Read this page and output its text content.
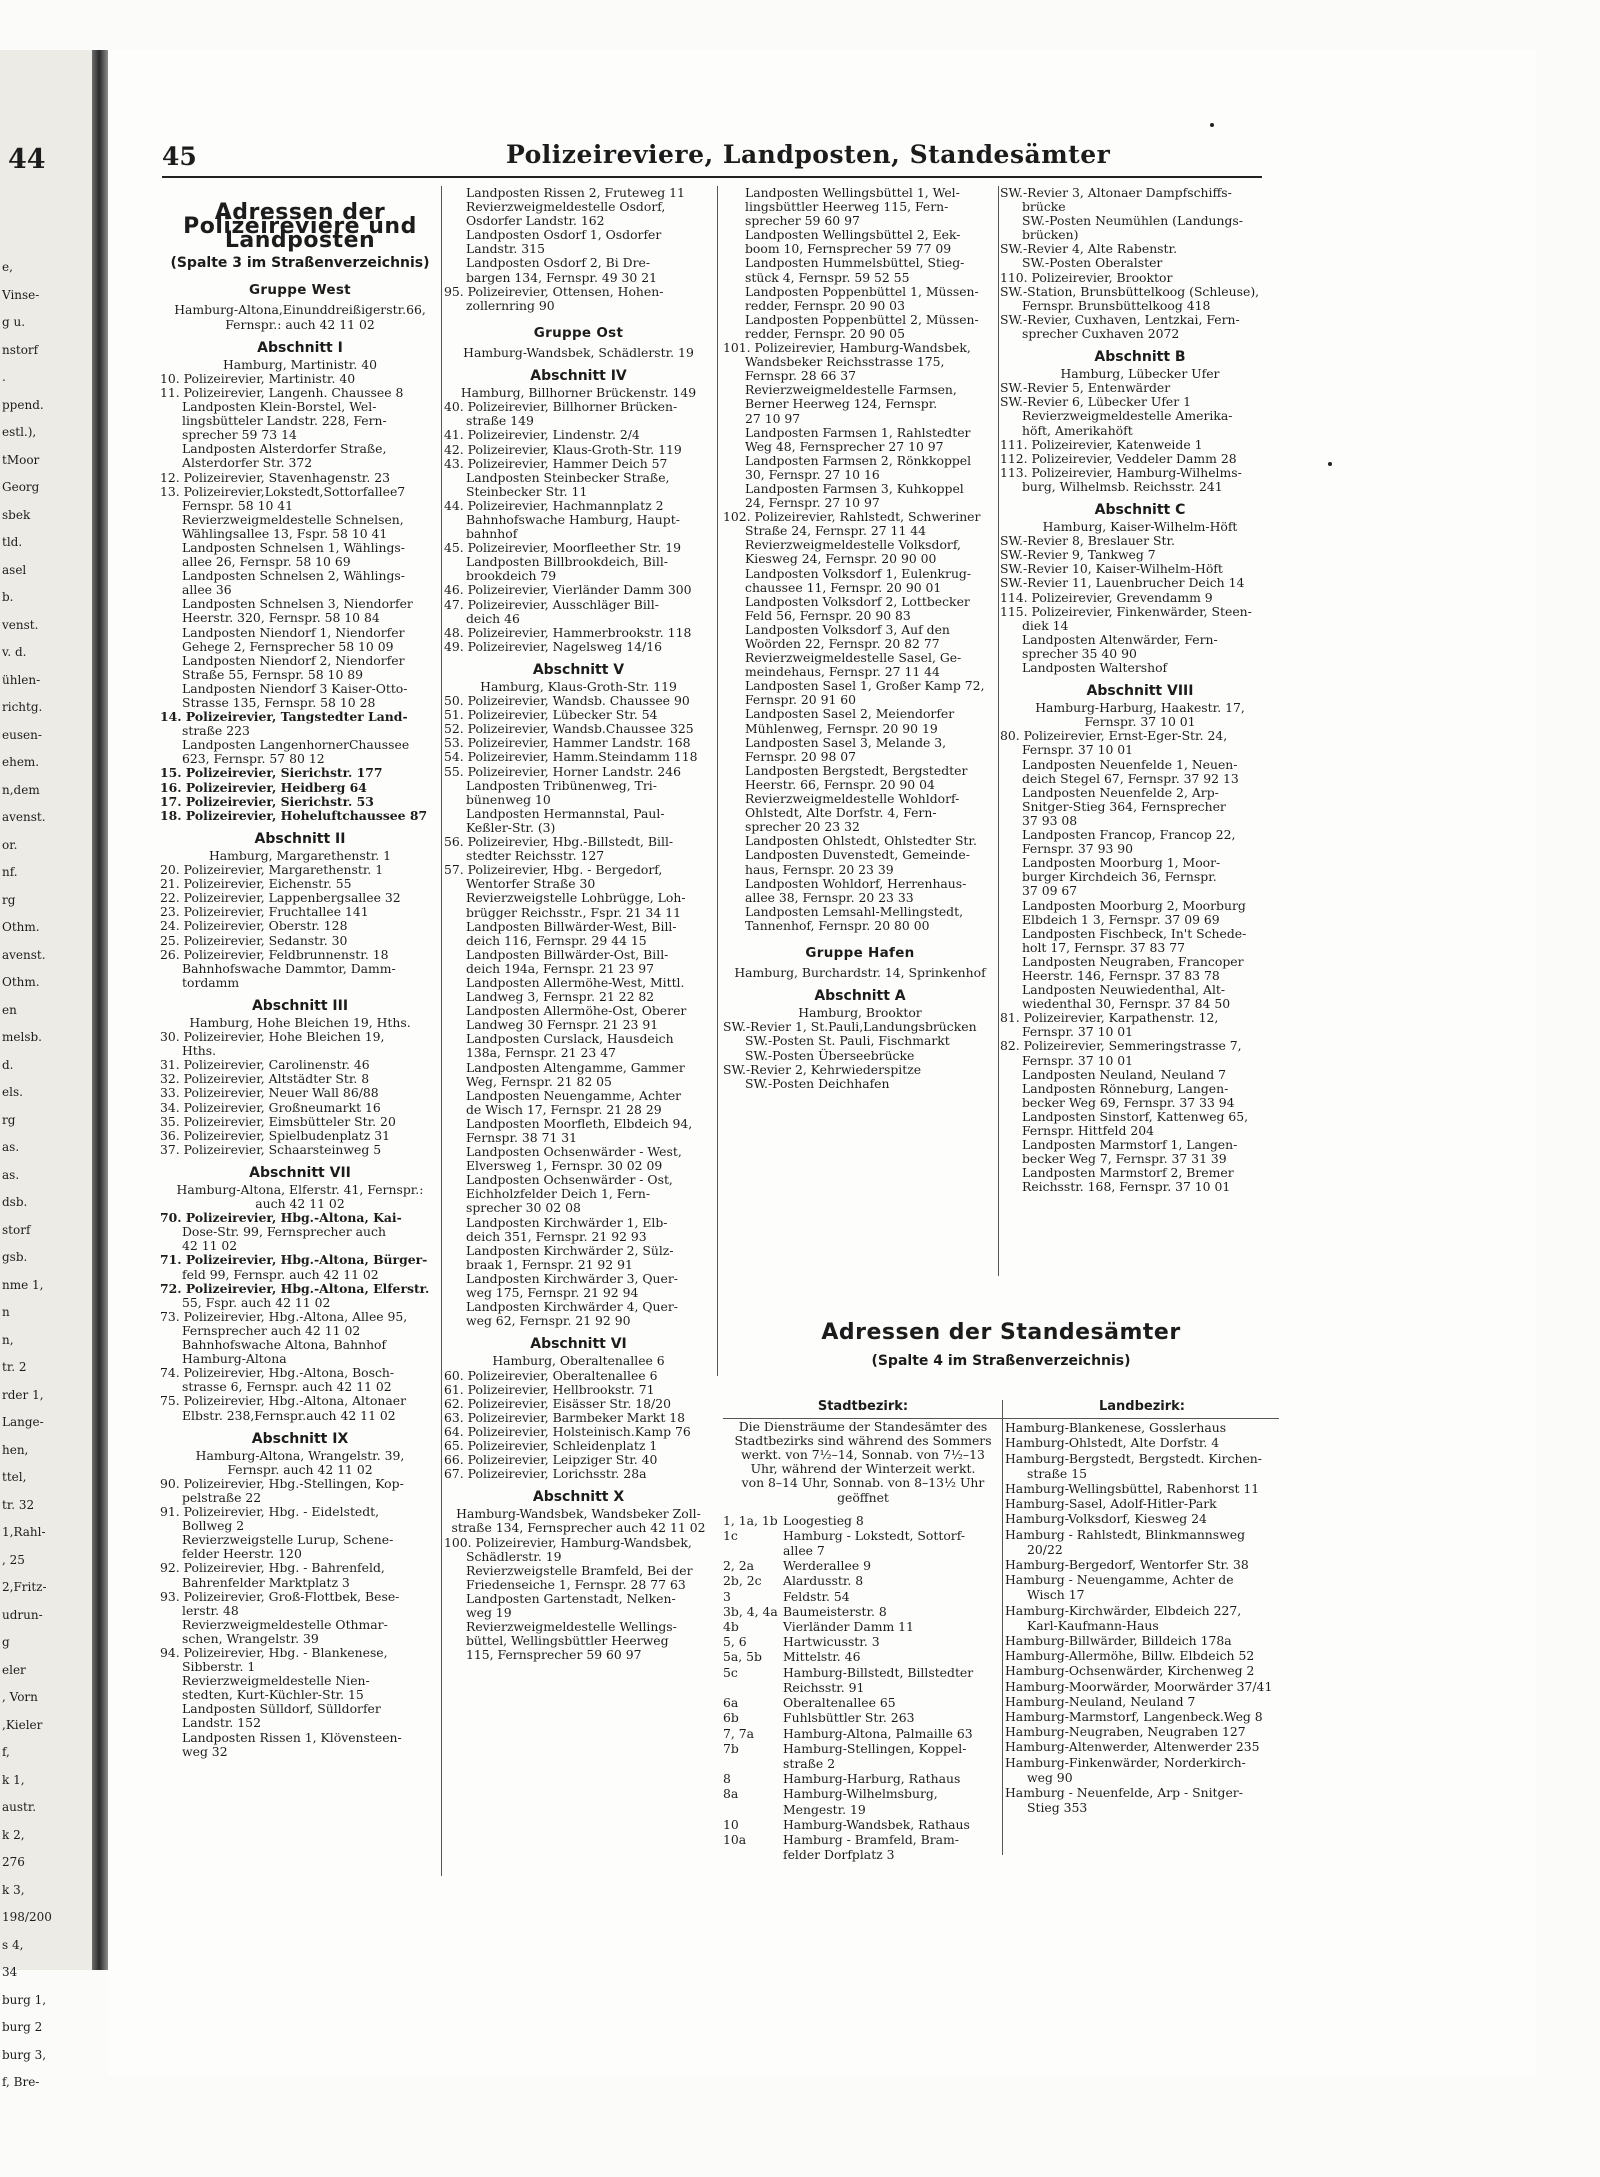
44
e,
Vinse-
g u.
nstorf
.
ppend.
estl.),
tMoor
Georg
sbek
tld.
asel
b.
venst.
v. d.
ühlen-
richtg.
eusen-
ehem.
n,dem
avenst.
or.
nf.
rg
Othm.
avenst.
Othm.
en
melsb.
d.
els.
rg
as.
as.
dsb.
storf
gsb.
nme 1,
n
n,
tr. 2
rder 1,
Lange-
hen,
ttel,
tr. 32
1,Rahl-
, 25
2,Fritz-
udrun-
g
eler
, Vorn
,Kieler
f,
k 1,
austr.
k 2,
276
k 3,
198/200
s 4,
34
burg 1,
burg 2
burg 3,
f, Bre-
45	Polizeireviere, Landposten, Standesämter
Adressen der Polizeireviere und Landposten
(Spalte 3 im Straßenverzeichnis)
Gruppe West
Hamburg-Altona,Einunddreißigerstr.66,
Fernspr.: auch 42 11 02
Abschnitt I
Hamburg, Martinistr. 40
10. Polizeirevier, Martinistr. 40
11. Polizeirevier, Langenh. Chaussee 8
Landposten Klein-Borstel, Wel-
lingsbütteler Landstr. 228, Fern-
sprecher 59 73 14
Landposten Alsterdorfer Straße,
Alsterdorfer Str. 372
12. Polizeirevier, Stavenhagenstr. 23
13. Polizeirevier,Lokstedt,Sottorfallee7
Fernspr. 58 10 41
Revierzweigmeldestelle Schnelsen,
Wählingsallee 13, Fspr. 58 10 41
Landposten Schnelsen 1, Wählings-
allee 26, Fernspr. 58 10 69
Landposten Schnelsen 2, Wählings-
allee 36
Landposten Schnelsen 3, Niendorfer
Heerstr. 320, Fernspr. 58 10 84
Landposten Niendorf 1, Niendorfer
Gehege 2, Fernsprecher 58 10 09
Landposten Niendorf 2, Niendorfer
Straße 55, Fernspr. 58 10 89
Landposten Niendorf 3 Kaiser-Otto-
Strasse 135, Fernspr. 58 10 28
14. Polizeirevier, Tangstedter Land-
straße 223
Landposten LangenhornerChaussee
623, Fernspr. 57 80 12
15. Polizeirevier, Sierichstr. 177
16. Polizeirevier, Heidberg 64
17. Polizeirevier, Sierichstr. 53
18. Polizeirevier, Hoheluftchaussee 87
Abschnitt II
Hamburg, Margarethenstr. 1
20. Polizeirevier, Margarethenstr. 1
21. Polizeirevier, Eichenstr. 55
22. Polizeirevier, Lappenbergsallee 32
23. Polizeirevier, Fruchtallee 141
24. Polizeirevier, Oberstr. 128
25. Polizeirevier, Sedanstr. 30
26. Polizeirevier, Feldbrunnenstr. 18
Bahnhofswache Dammtor, Damm-
tordamm
Abschnitt III
Hamburg, Hohe Bleichen 19, Hths.
30. Polizeirevier, Hohe Bleichen 19,
Hths.
31. Polizeirevier, Carolinenstr. 46
32. Polizeirevier, Altstädter Str. 8
33. Polizeirevier, Neuer Wall 86/88
34. Polizeirevier, Großneumarkt 16
35. Polizeirevier, Eimsbütteler Str. 20
36. Polizeirevier, Spielbudenplatz 31
37. Polizeirevier, Schaarsteinweg 5
Abschnitt VII
Hamburg-Altona, Elferstr. 41, Fernspr.:
auch 42 11 02
70. Polizeirevier, Hbg.-Altona, Kai-
Dose-Str. 99, Fernsprecher auch
42 11 02
71. Polizeirevier, Hbg.-Altona, Bürger-
feld 99, Fernspr. auch 42 11 02
72. Polizeirevier, Hbg.-Altona, Elferstr.
55, Fspr. auch 42 11 02
73. Polizeirevier, Hbg.-Altona, Allee 95,
Fernsprecher auch 42 11 02
Bahnhofswache Altona, Bahnhof
Hamburg-Altona
74. Polizeirevier, Hbg.-Altona, Bosch-
strasse 6, Fernspr. auch 42 11 02
75. Polizeirevier, Hbg.-Altona, Altonaer
Elbstr. 238,Fernspr.auch 42 11 02
Abschnitt IX
Hamburg-Altona, Wrangelstr. 39,
Fernspr. auch 42 11 02
90. Polizeirevier, Hbg.-Stellingen, Kop-
pelstraße 22
91. Polizeirevier, Hbg. - Eidelstedt,
Bollweg 2
Revierzweigstelle Lurup, Schene-
felder Heerstr. 120
92. Polizeirevier, Hbg. - Bahrenfeld,
Bahrenfelder Marktplatz 3
93. Polizeirevier, Groß-Flottbek, Bese-
lerstr. 48
Revierzweigmeldestelle Othmar-
schen, Wrangelstr. 39
94. Polizeirevier, Hbg. - Blankenese,
Sibberstr. 1
Revierzweigmeldestelle Nien-
stedten, Kurt-Küchler-Str. 15
Landposten Sülldorf, Sülldorfer
Landstr. 152
Landposten Rissen 1, Klövensteen-
weg 32
Landposten Rissen 2, Fruteweg 11
Revierzweigmeldestelle Osdorf,
Osdorfer Landstr. 162
Landposten Osdorf 1, Osdorfer
Landstr. 315
Landposten Osdorf 2, Bi Dre-
bargen 134, Fernspr. 49 30 21
95. Polizeirevier, Ottensen, Hohen-
zollernring 90
Gruppe Ost
Hamburg-Wandsbek, Schädlerstr. 19
Abschnitt IV
Hamburg, Billhorner Brückenstr. 149
40. Polizeirevier, Billhorner Brücken-
straße 149
41. Polizeirevier, Lindenstr. 2/4
42. Polizeirevier, Klaus-Groth-Str. 119
43. Polizeirevier, Hammer Deich 57
Landposten Steinbecker Straße,
Steinbecker Str. 11
44. Polizeirevier, Hachmannplatz 2
Bahnhofswache Hamburg, Haupt-
bahnhof
45. Polizeirevier, Moorfleether Str. 19
Landposten Billbrookdeich, Bill-
brookdeich 79
46. Polizeirevier, Vierländer Damm 300
47. Polizeirevier, Ausschläger Bill-
deich 46
48. Polizeirevier, Hammerbrookstr. 118
49. Polizeirevier, Nagelsweg 14/16
Abschnitt V
Hamburg, Klaus-Groth-Str. 119
50. Polizeirevier, Wandsb. Chaussee 90
51. Polizeirevier, Lübecker Str. 54
52. Polizeirevier, Wandsb.Chaussee 325
53. Polizeirevier, Hammer Landstr. 168
54. Polizeirevier, Hamm.Steindamm 118
55. Polizeirevier, Horner Landstr. 246
Landposten Tribünenweg, Tri-
bünenweg 10
Landposten Hermannstal, Paul-
Keßler-Str. (3)
56. Polizeirevier, Hbg.-Billstedt, Bill-
stedter Reichsstr. 127
57. Polizeirevier, Hbg. - Bergedorf,
Wentorfer Straße 30
Revierzweigstelle Lohbrügge, Loh-
brügger Reichsstr., Fspr. 21 34 11
Landposten Billwärder-West, Bill-
deich 116, Fernspr. 29 44 15
Landposten Billwärder-Ost, Bill-
deich 194a, Fernspr. 21 23 97
Landposten Allermöhe-West, Mittl.
Landweg 3, Fernspr. 21 22 82
Landposten Allermöhe-Ost, Oberer
Landweg 30 Fernspr. 21 23 91
Landposten Curslack, Hausdeich
138a, Fernspr. 21 23 47
Landposten Altengamme, Gammer
Weg, Fernspr. 21 82 05
Landposten Neuengamme, Achter
de Wisch 17, Fernspr. 21 28 29
Landposten Moorfleth, Elbdeich 94,
Fernspr. 38 71 31
Landposten Ochsenwärder - West,
Elversweg 1, Fernspr. 30 02 09
Landposten Ochsenwärder - Ost,
Eichholzfelder Deich 1, Fern-
sprecher 30 02 08
Landposten Kirchwärder 1, Elb-
deich 351, Fernspr. 21 92 93
Landposten Kirchwärder 2, Sülz-
braak 1, Fernspr. 21 92 91
Landposten Kirchwärder 3, Quer-
weg 175, Fernspr. 21 92 94
Landposten Kirchwärder 4, Quer-
weg 62, Fernspr. 21 92 90
Abschnitt VI
Hamburg, Oberaltenallee 6
60. Polizeirevier, Oberaltenallee 6
61. Polizeirevier, Hellbrookstr. 71
62. Polizeirevier, Eisässer Str. 18/20
63. Polizeirevier, Barmbeker Markt 18
64. Polizeirevier, Holsteinisch.Kamp 76
65. Polizeirevier, Schleidenplatz 1
66. Polizeirevier, Leipziger Str. 40
67. Polizeirevier, Lorichsstr. 28a
Abschnitt X
Hamburg-Wandsbek, Wandsbeker Zoll-
straße 134, Fernsprecher auch 42 11 02
100. Polizeirevier, Hamburg-Wandsbek,
Schädlerstr. 19
Revierzweigstelle Bramfeld, Bei der
Friedenseiche 1, Fernspr. 28 77 63
Landposten Gartenstadt, Nelken-
weg 19
Revierzweigmeldestelle Wellings-
büttel, Wellingsbüttler Heerweg
115, Fernsprecher 59 60 97
Landposten Wellingsbüttel 1, Wel-
lingsbüttler Heerweg 115, Fern-
sprecher 59 60 97
Landposten Wellingsbüttel 2, Eek-
boom 10, Fernsprecher 59 77 09
Landposten Hummelsbüttel, Stieg-
stück 4, Fernspr. 59 52 55
Landposten Poppenbüttel 1, Müssen-
redder, Fernspr. 20 90 03
Landposten Poppenbüttel 2, Müssen-
redder, Fernspr. 20 90 05
101. Polizeirevier, Hamburg-Wandsbek,
Wandsbeker Reichsstrasse 175,
Fernspr. 28 66 37
Revierzweigmeldestelle Farmsen,
Berner Heerweg 124, Fernspr.
27 10 97
Landposten Farmsen 1, Rahlstedter
Weg 48, Fernsprecher 27 10 97
Landposten Farmsen 2, Rönkkoppel
30, Fernspr. 27 10 16
Landposten Farmsen 3, Kuhkoppel
24, Fernspr. 27 10 97
102. Polizeirevier, Rahlstedt, Schweriner
Straße 24, Fernspr. 27 11 44
Revierzweigmeldestelle Volksdorf,
Kiesweg 24, Fernspr. 20 90 00
Landposten Volksdorf 1, Eulenkrug-
chaussee 11, Fernspr. 20 90 01
Landposten Volksdorf 2, Lottbecker
Feld 56, Fernspr. 20 90 83
Landposten Volksdorf 3, Auf den
Woörden 22, Fernspr. 20 82 77
Revierzweigmeldestelle Sasel, Ge-
meindehaus, Fernspr. 27 11 44
Landposten Sasel 1, Großer Kamp 72,
Fernspr. 20 91 60
Landposten Sasel 2, Meiendorfer
Mühlenweg, Fernspr. 20 90 19
Landposten Sasel 3, Melande 3,
Fernspr. 20 98 07
Landposten Bergstedt, Bergstedter
Heerstr. 66, Fernspr. 20 90 04
Revierzweigmeldestelle Wohldorf-
Ohlstedt, Alte Dorfstr. 4, Fern-
sprecher 20 23 32
Landposten Ohlstedt, Ohlstedter Str.
Landposten Duvenstedt, Gemeinde-
haus, Fernspr. 20 23 39
Landposten Wohldorf, Herrenhaus-
allee 38, Fernspr. 20 23 33
Landposten Lemsahl-Mellingstedt,
Tannenhof, Fernspr. 20 80 00
Gruppe Hafen
Hamburg, Burchardstr. 14, Sprinkenhof
Abschnitt A
Hamburg, Brooktor
SW.-Revier 1, St.Pauli,Landungsbrücken
SW.-Posten St. Pauli, Fischmarkt
SW.-Posten Überseebrücke
SW.-Revier 2, Kehrwiederspitze
SW.-Posten Deichhafen
SW.-Revier 3, Altonaer Dampfschiffs-
brücke
SW.-Posten Neumühlen (Landungs-
brücken)
SW.-Revier 4, Alte Rabenstr.
SW.-Posten Oberalster
110. Polizeirevier, Brooktor
SW.-Station, Brunsbüttelkoog (Schleuse),
Fernspr. Brunsbüttelkoog 418
SW.-Revier, Cuxhaven, Lentzkai, Fern-
sprecher Cuxhaven 2072
Abschnitt B
Hamburg, Lübecker Ufer
SW.-Revier 5, Entenwärder
SW.-Revier 6, Lübecker Ufer 1
Revierzweigmeldestelle Amerika-
höft, Amerikahöft
111. Polizeirevier, Katenweide 1
112. Polizeirevier, Veddeler Damm 28
113. Polizeirevier, Hamburg-Wilhelms-
burg, Wilhelmsb. Reichsstr. 241
Abschnitt C
Hamburg, Kaiser-Wilhelm-Höft
SW.-Revier 8, Breslauer Str.
SW.-Revier 9, Tankweg 7
SW.-Revier 10, Kaiser-Wilhelm-Höft
SW.-Revier 11, Lauenbrucher Deich 14
114. Polizeirevier, Grevendamm 9
115. Polizeirevier, Finkenwärder, Steen-
diek 14
Landposten Altenwärder, Fern-
sprecher 35 40 90
Landposten Waltershof
Abschnitt VIII
Hamburg-Harburg, Haakestr. 17,
Fernspr. 37 10 01
80. Polizeirevier, Ernst-Eger-Str. 24,
Fernspr. 37 10 01
Landposten Neuenfelde 1, Neuen-
deich Stegel 67, Fernspr. 37 92 13
Landposten Neuenfelde 2, Arp-
Snitger-Stieg 364, Fernsprecher
37 93 08
Landposten Francop, Francop 22,
Fernspr. 37 93 90
Landposten Moorburg 1, Moor-
burger Kirchdeich 36, Fernspr.
37 09 67
Landposten Moorburg 2, Moorburg
Elbdeich 1 3, Fernspr. 37 09 69
Landposten Fischbeck, In't Schede-
holt 17, Fernspr. 37 83 77
Landposten Neugraben, Francoper
Heerstr. 146, Fernspr. 37 83 78
Landposten Neuwiedenthal, Alt-
wiedenthal 30, Fernspr. 37 84 50
81. Polizeirevier, Karpathenstr. 12,
Fernspr. 37 10 01
82. Polizeirevier, Semmeringstrasse 7,
Fernspr. 37 10 01
Landposten Neuland, Neuland 7
Landposten Rönneburg, Langen-
becker Weg 69, Fernspr. 37 33 94
Landposten Sinstorf, Kattenweg 65,
Fernspr. Hittfeld 204
Landposten Marmstorf 1, Langen-
becker Weg 7, Fernspr. 37 31 39
Landposten Marmstorf 2, Bremer
Reichsstr. 168, Fernspr. 37 10 01
Adressen der Standesämter
(Spalte 4 im Straßenverzeichnis)
Stadtbezirk:
Die Diensträume der Standesämter des
Stadtbezirks sind während des Sommers
werkt. von 7½–14, Sonnab. von 7½–13
Uhr, während der Winterzeit werkt.
von 8–14 Uhr, Sonnab. von 8–13½ Uhr
geöffnet
1, 1a, 1b Loogestieg 8
1c	Hamburg - Lokstedt, Sottorf-
allee 7
2, 2a Werderallee 9
2b, 2c Alardusstr. 8
3	Feldstr. 54
3b, 4, 4a Baumeisterstr. 8
4b	Vierländer Damm 11
5, 6	Hartwicusstr. 3
5a, 5b Mittelstr. 46
5c	Hamburg-Billstedt, Billstedter
Reichsstr. 91
6a	Oberaltenallee 65
6b	Fuhlsbüttler Str. 263
7, 7a Hamburg-Altona, Palmaille 63
7b	Hamburg-Stellingen, Koppel-
straße 2
8	Hamburg-Harburg, Rathaus
8a	Hamburg-Wilhelmsburg,
Mengestr. 19
10	Hamburg-Wandsbek, Rathaus
10a	Hamburg - Bramfeld, Bram-
felder Dorfplatz 3
Landbezirk:
Hamburg-Blankenese, Gosslerhaus
Hamburg-Ohlstedt, Alte Dorfstr. 4
Hamburg-Bergstedt, Bergstedt. Kirchen-
straße 15
Hamburg-Wellingsbüttel, Rabenhorst 11
Hamburg-Sasel, Adolf-Hitler-Park
Hamburg-Volksdorf, Kiesweg 24
Hamburg - Rahlstedt, Blinkmannsweg
20/22
Hamburg-Bergedorf, Wentorfer Str. 38
Hamburg - Neuengamme, Achter de
Wisch 17
Hamburg-Kirchwärder, Elbdeich 227,
Karl-Kaufmann-Haus
Hamburg-Billwärder, Billdeich 178a
Hamburg-Allermöhe, Billw. Elbdeich 52
Hamburg-Ochsenwärder, Kirchenweg 2
Hamburg-Moorwärder, Moorwärder 37/41
Hamburg-Neuland, Neuland 7
Hamburg-Marmstorf, Langenbeck.Weg 8
Hamburg-Neugraben, Neugraben 127
Hamburg-Altenwerder, Altenwerder 235
Hamburg-Finkenwärder, Norderkirch-
weg 90
Hamburg - Neuenfelde, Arp - Snitger-
Stieg 353
